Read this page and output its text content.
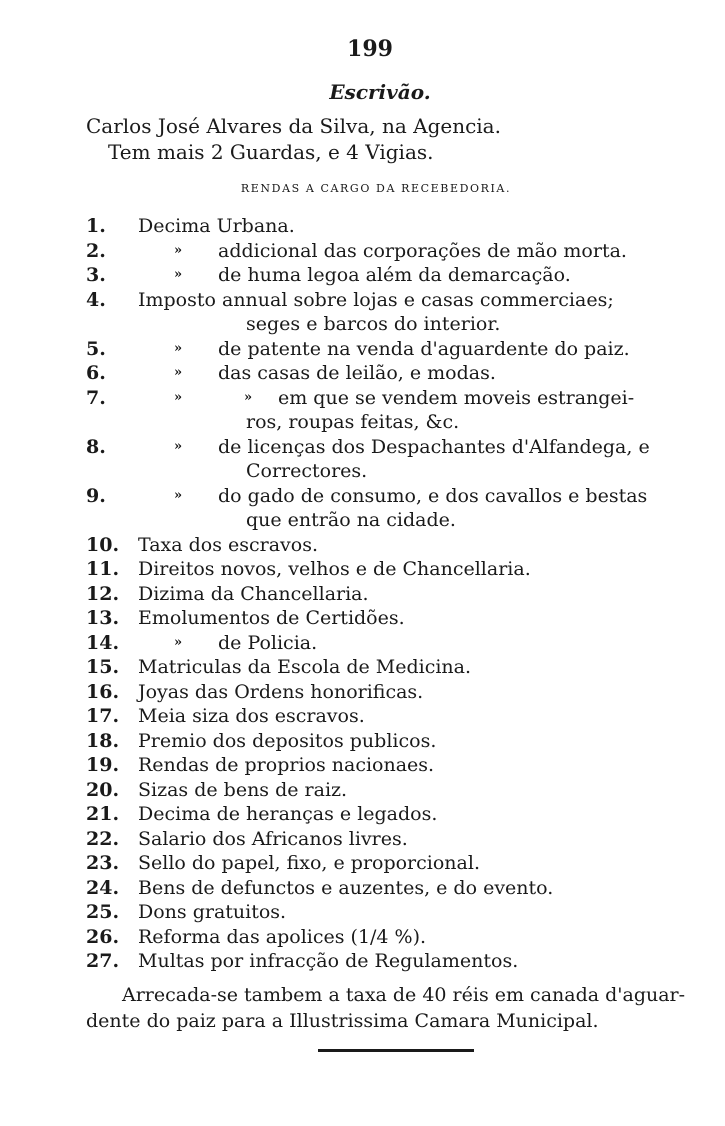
199
Escrivão.
Carlos José Alvares da Silva, na Agencia.
Tem mais 2 Guardas, e 4 Vigias.
RENDAS A CARGO DA RECEBEDORIA.
1.	Decima Urbana.
2.	»	addicional das corporações de mão morta.
3.	»	de huma legoa além da demarcação.
4.	Imposto annual sobre lojas e casas commerciaes;
seges e barcos do interior.
5.	»	de patente na venda d'aguardente do paiz.
6.	»	das casas de leilão, e modas.
7.	»	»	em que se vendem moveis estrangei-
ros, roupas feitas, &c.
8.	»	de licenças dos Despachantes d'Alfandega, e
Correctores.
9.	»	do gado de consumo, e dos cavallos e bestas
que entrão na cidade.
10. Taxa dos escravos.
11. Direitos novos, velhos e de Chancellaria.
12. Dizima da Chancellaria.
13. Emolumentos de Certidões.
14.	»	de Policia.
15. Matriculas da Escola de Medicina.
16. Joyas das Ordens honorificas.
17. Meia siza dos escravos.
18. Premio dos depositos publicos.
19. Rendas de proprios nacionaes.
20. Sizas de bens de raiz.
21. Decima de heranças e legados.
22. Salario dos Africanos livres.
23. Sello do papel, fixo, e proporcional.
24. Bens de defunctos e auzentes, e do evento.
25. Dons gratuitos.
26. Reforma das apolices (1/4 %).
27. Multas por infracção de Regulamentos.
Arrecada-se tambem a taxa de 40 réis em canada d'aguar-
dente do paiz para a Illustrissima Camara Municipal.
